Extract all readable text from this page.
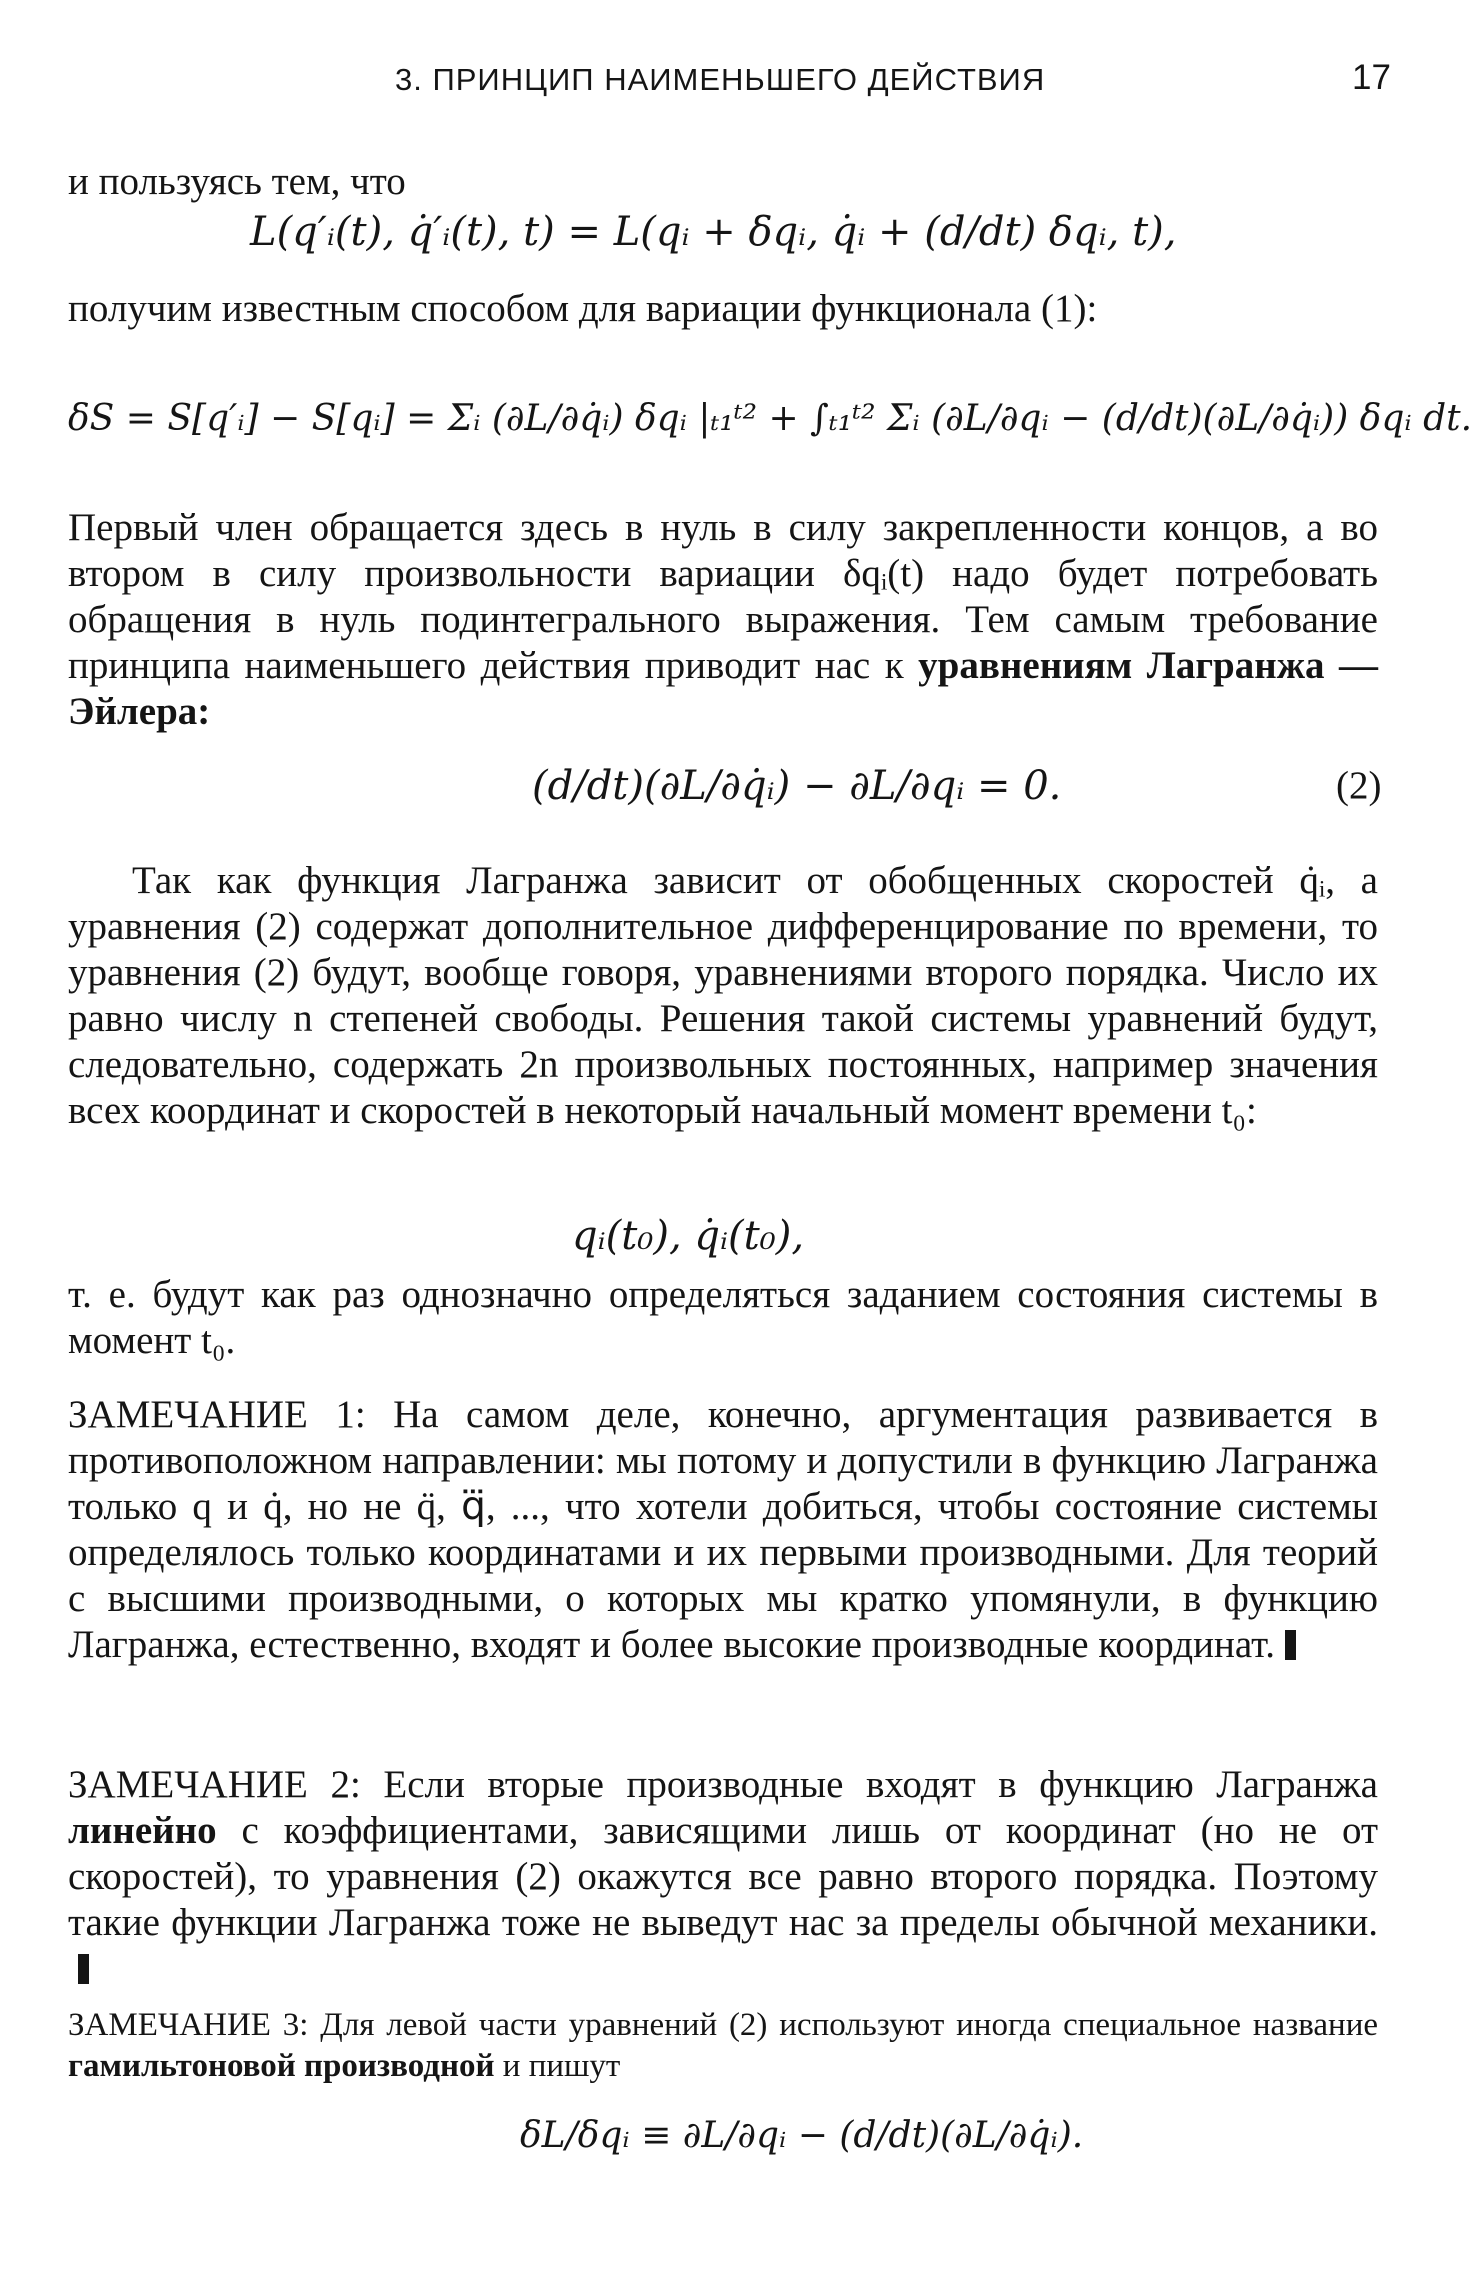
3. ПРИНЦИП НАИМЕНЬШЕГО ДЕЙСТВИЯ	17
и пользуясь тем, что
L(q′ᵢ(t), q̇′ᵢ(t), t) = L(qᵢ + δqᵢ, q̇ᵢ + (d/dt) δqᵢ, t),
получим известным способом для вариации функционала (1):
δS = S[q′ᵢ] − S[qᵢ] = Σᵢ (∂L/∂q̇ᵢ) δqᵢ |ₜ₁ᵗ² + ∫ₜ₁ᵗ² Σᵢ (∂L/∂qᵢ − (d/dt)(∂L/∂q̇ᵢ)) δqᵢ dt.
Первый член обращается здесь в нуль в силу закрепленности концов, а во втором в силу произвольности вариации δqᵢ(t) надо будет потребовать обращения в нуль подинтегрального выражения. Тем самым требование принципа наименьшего действия приводит нас к уравнениям Лагранжа — Эйлера:
(d/dt)(∂L/∂q̇ᵢ) − ∂L/∂qᵢ = 0.	(2)
Так как функция Лагранжа зависит от обобщенных скоростей q̇ᵢ, а уравнения (2) содержат дополнительное дифференцирование по времени, то уравнения (2) будут, вообще говоря, уравнениями второго порядка. Число их равно числу n степеней свободы. Решения такой системы уравнений будут, следовательно, содержать 2n произвольных постоянных, например значения всех координат и скоростей в некоторый начальный момент времени t₀:
qᵢ(t₀), q̇ᵢ(t₀),
т. е. будут как раз однозначно определяться заданием состояния системы в момент t₀.
ЗАМЕЧАНИЕ 1: На самом деле, конечно, аргументация развивается в противоположном направлении: мы потому и допустили в функцию Лагранжа только q и q̇, но не q̈, q⃛, ..., что хотели добиться, чтобы состояние системы определялось только координатами и их первыми производными. Для теорий с высшими производными, о которых мы кратко упомянули, в функцию Лагранжа, естественно, входят и более высокие производные координат.
ЗАМЕЧАНИЕ 2: Если вторые производные входят в функцию Лагранжа линейно с коэффициентами, зависящими лишь от координат (но не от скоростей), то уравнения (2) окажутся все равно второго порядка. Поэтому такие функции Лагранжа тоже не выведут нас за пределы обычной механики.
ЗАМЕЧАНИЕ 3: Для левой части уравнений (2) используют иногда специальное название гамильтоновой производной и пишут
δL/δqᵢ ≡ ∂L/∂qᵢ − (d/dt)(∂L/∂q̇ᵢ).
